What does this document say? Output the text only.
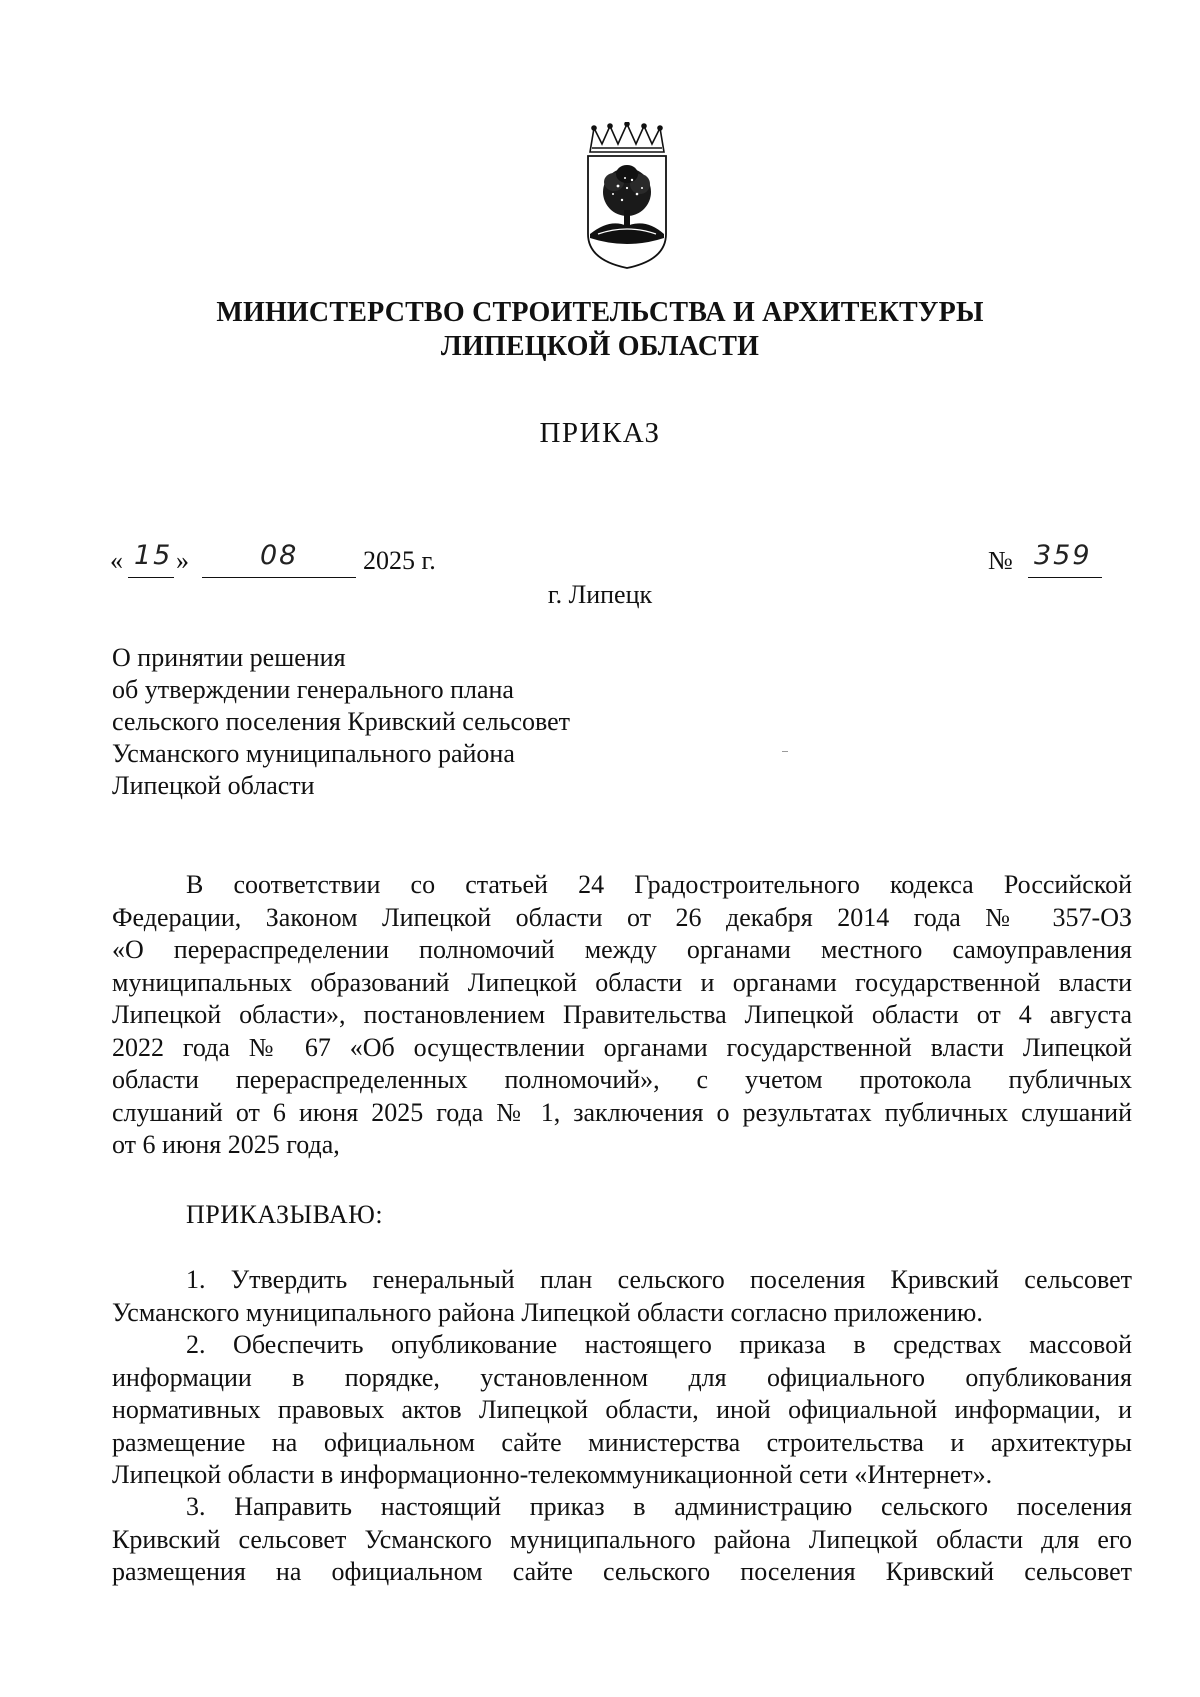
МИНИСТЕРСТВО СТРОИТЕЛЬСТВА И АРХИТЕКТУРЫ
ЛИПЕЦКОЙ ОБЛАСТИ
ПРИКАЗ
« 15 »	08 2025 г.	№ 359
г. Липецк
О принятии решения
об утверждении генерального плана
сельского поселения Кривский сельсовет
Усманского муниципального района
Липецкой области
В соответствии со статьей 24 Градостроительного кодекса Российской
Федерации, Законом Липецкой области от 26 декабря 2014 года № 357-ОЗ
«О перераспределении полномочий между органами местного самоуправления
муниципальных образований Липецкой области и органами государственной власти
Липецкой области», постановлением Правительства Липецкой области от 4 августа
2022 года № 67 «Об осуществлении органами государственной власти Липецкой
области перераспределенных полномочий», с учетом протокола публичных
слушаний от 6 июня 2025 года № 1, заключения о результатах публичных слушаний
от 6 июня 2025 года,
ПРИКАЗЫВАЮ:
1. Утвердить генеральный план сельского поселения Кривский сельсовет
Усманского муниципального района Липецкой области согласно приложению.
2. Обеспечить опубликование настоящего приказа в средствах массовой
информации в порядке, установленном для официального опубликования
нормативных правовых актов Липецкой области, иной официальной информации, и
размещение на официальном сайте министерства строительства и архитектуры
Липецкой области в информационно-телекоммуникационной сети «Интернет».
3. Направить настоящий приказ в администрацию сельского поселения
Кривский сельсовет Усманского муниципального района Липецкой области для его
размещения на официальном сайте сельского поселения Кривский сельсовет
